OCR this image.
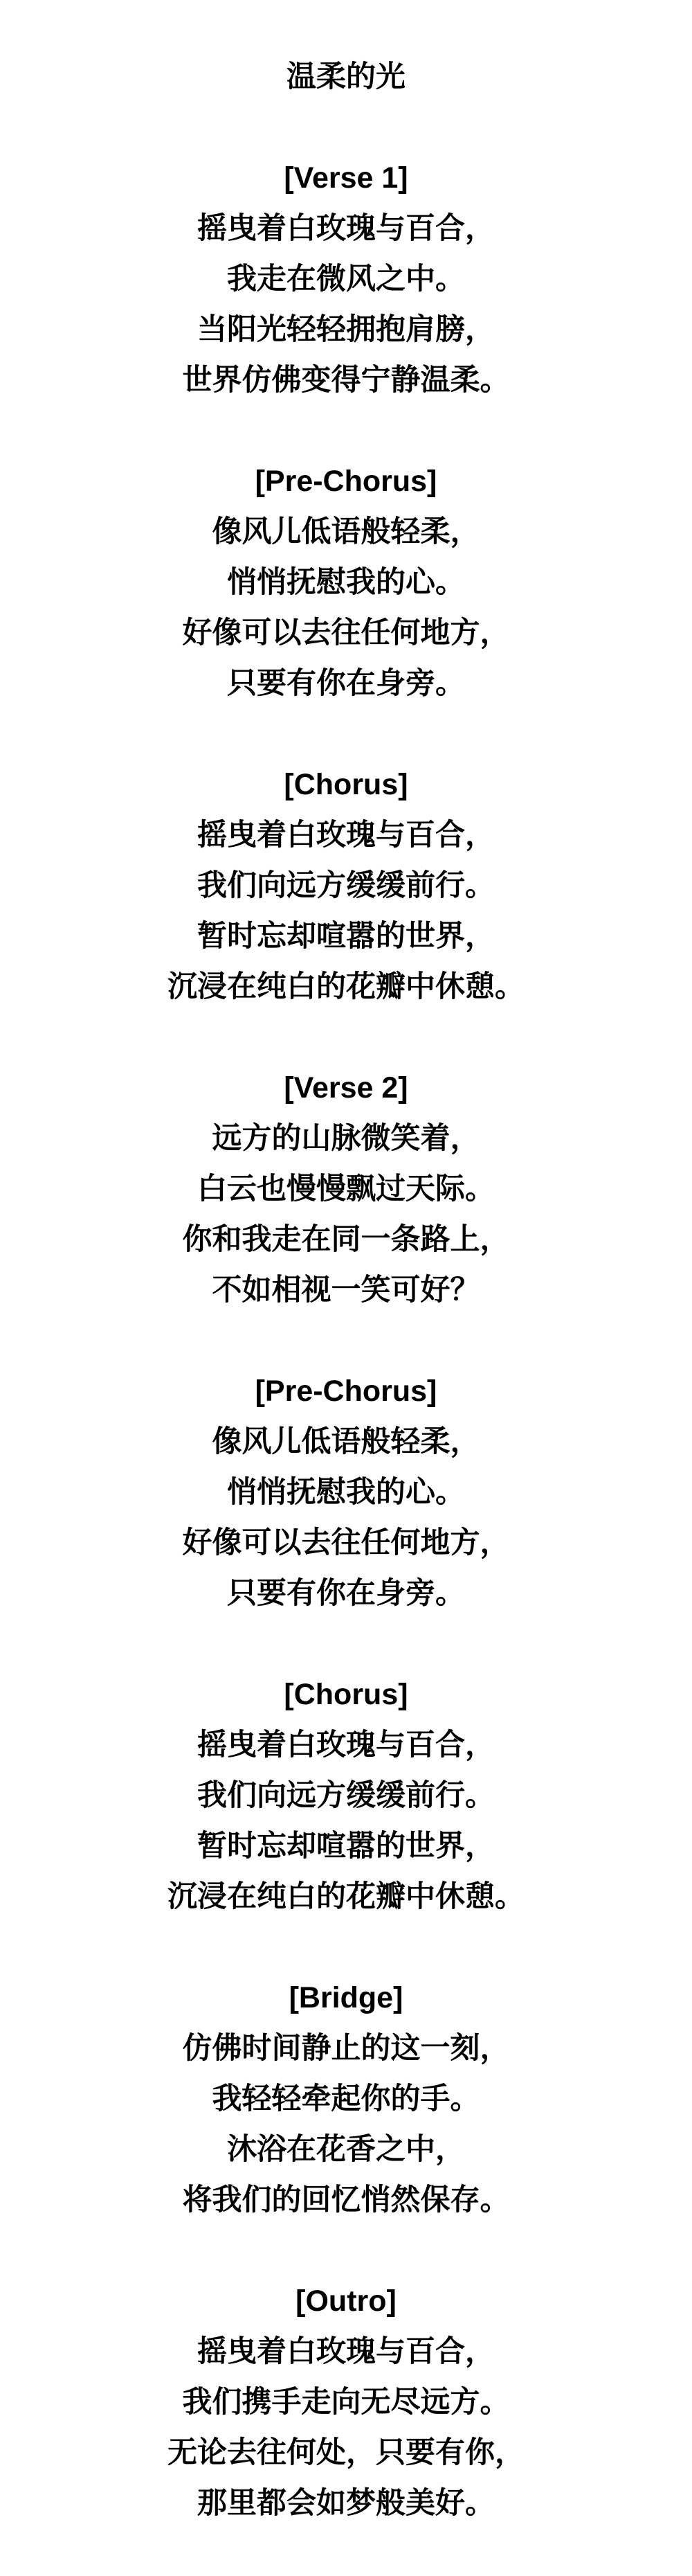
温柔的光
[Verse 1]
摇曳着白玫瑰与百合，
我走在微风之中。
当阳光轻轻拥抱肩膀，
世界仿佛变得宁静温柔。
[Pre-Chorus]
像风儿低语般轻柔，
悄悄抚慰我的心。
好像可以去往任何地方，
只要有你在身旁。
[Chorus]
摇曳着白玫瑰与百合，
我们向远方缓缓前行。
暂时忘却喧嚣的世界，
沉浸在纯白的花瓣中休憩。
[Verse 2]
远方的山脉微笑着，
白云也慢慢飘过天际。
你和我走在同一条路上，
不如相视一笑可好？
[Pre-Chorus]
像风儿低语般轻柔，
悄悄抚慰我的心。
好像可以去往任何地方，
只要有你在身旁。
[Chorus]
摇曳着白玫瑰与百合，
我们向远方缓缓前行。
暂时忘却喧嚣的世界，
沉浸在纯白的花瓣中休憩。
[Bridge]
仿佛时间静止的这一刻，
我轻轻牵起你的手。
沐浴在花香之中，
将我们的回忆悄然保存。
[Outro]
摇曳着白玫瑰与百合，
我们携手走向无尽远方。
无论去往何处，只要有你，
那里都会如梦般美好。
